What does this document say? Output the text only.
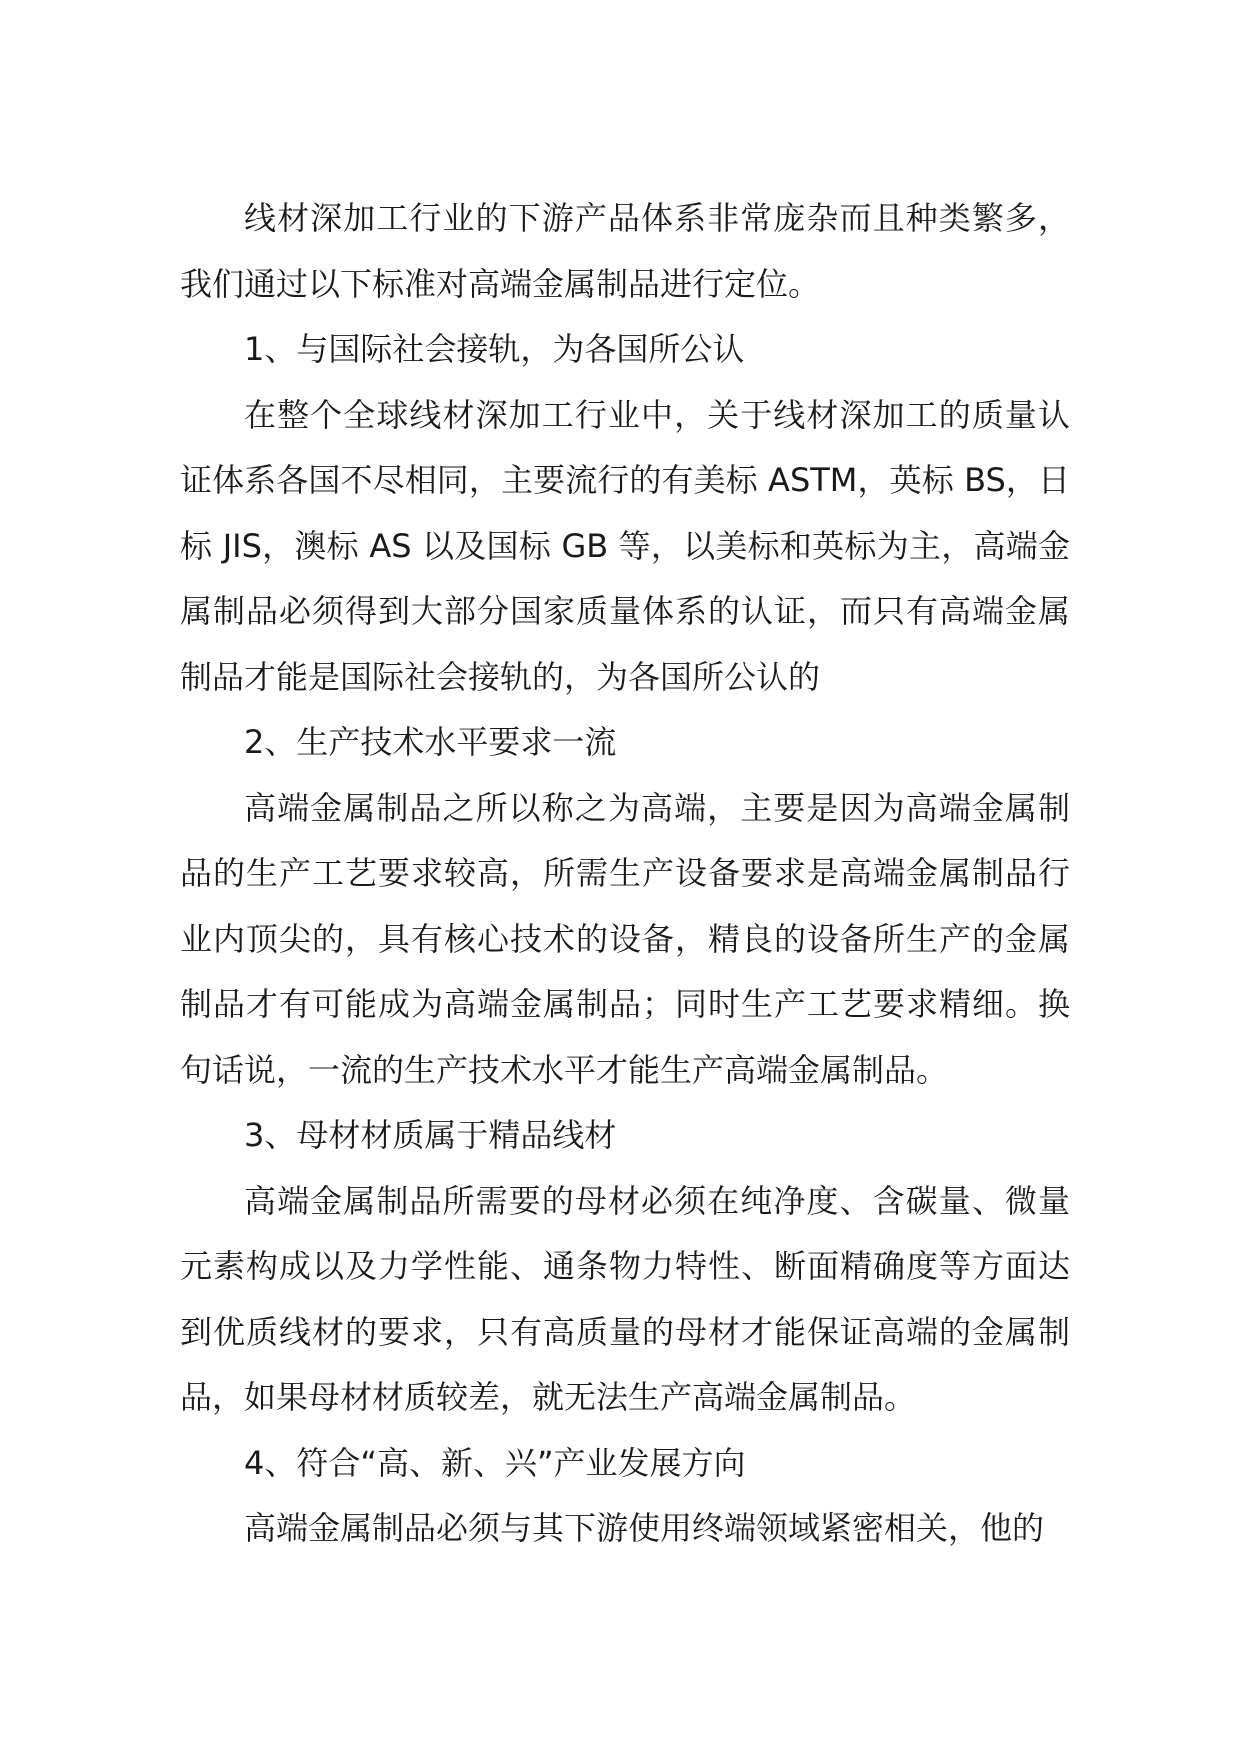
线材深加工行业的下游产品体系非常庞杂而且种类繁多，我们通过以下标准对高端金属制品进行定位。

1、与国际社会接轨，为各国所公认

在整个全球线材深加工行业中，关于线材深加工的质量认证体系各国不尽相同，主要流行的有美标 ASTM，英标 BS，日标 JIS，澳标 AS 以及国标 GB 等，以美标和英标为主，高端金属制品必须得到大部分国家质量体系的认证，而只有高端金属制品才能是国际社会接轨的，为各国所公认的

2、生产技术水平要求一流

高端金属制品之所以称之为高端，主要是因为高端金属制品的生产工艺要求较高，所需生产设备要求是高端金属制品行业内顶尖的，具有核心技术的设备，精良的设备所生产的金属制品才有可能成为高端金属制品；同时生产工艺要求精细。换句话说，一流的生产技术水平才能生产高端金属制品。

3、母材材质属于精品线材

高端金属制品所需要的母材必须在纯净度、含碳量、微量元素构成以及力学性能、通条物力特性、断面精确度等方面达到优质线材的要求，只有高质量的母材才能保证高端的金属制品，如果母材材质较差，就无法生产高端金属制品。

4、符合“高、新、兴”产业发展方向

高端金属制品必须与其下游使用终端领域紧密相关，他的
